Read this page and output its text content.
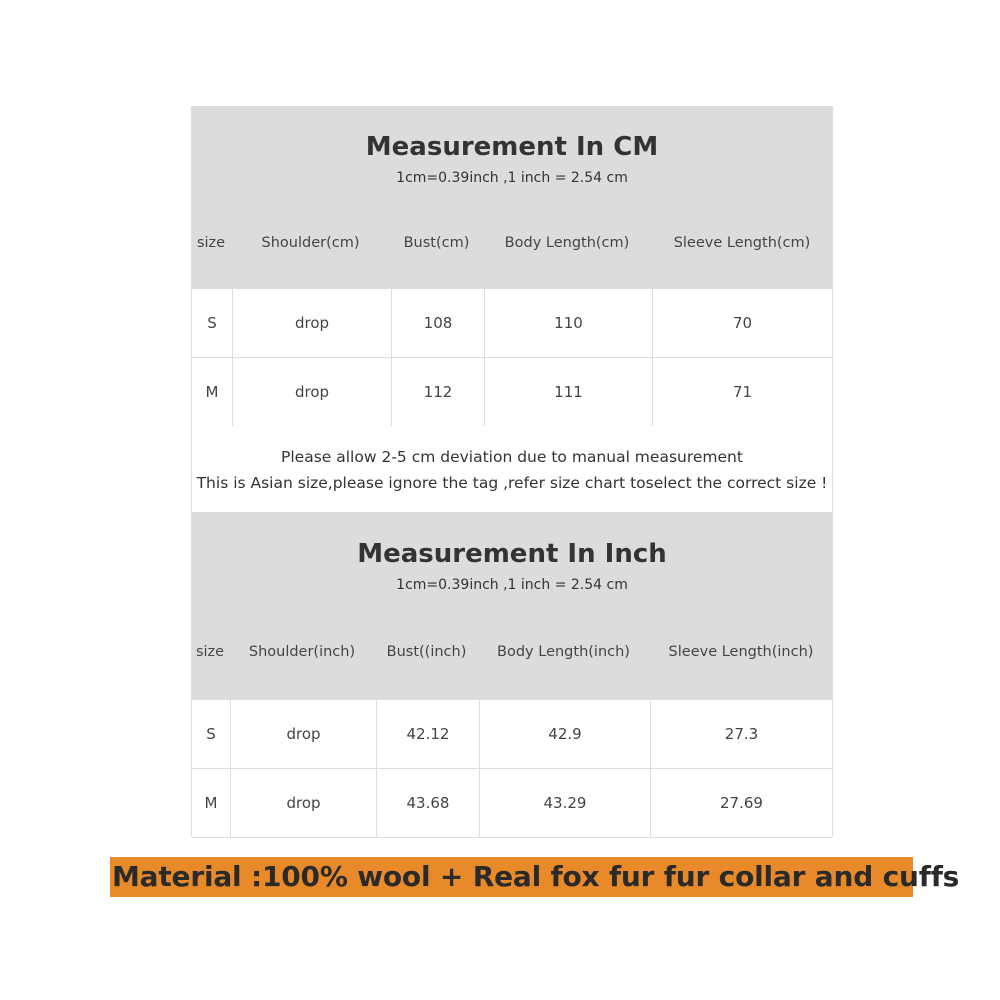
Measurement In CM
1cm=0.39inch ,1 inch = 2.54 cm
size	Shoulder(cm)	Bust(cm)	Body Length(cm)	Sleeve Length(cm)
S	drop	108	110	70
M	drop	112	111	71
Please allow 2-5 cm deviation due to manual measurement
This is Asian size,please ignore the tag ,refer size chart toselect the correct size !
Measurement In Inch
1cm=0.39inch ,1 inch = 2.54 cm
size	Shoulder(inch)	Bust((inch)	Body Length(inch)	Sleeve Length(inch)
S	drop	42.12	42.9	27.3
M	drop	43.68	43.29	27.69
Material :100% wool + Real fox fur fur collar and cuffs
